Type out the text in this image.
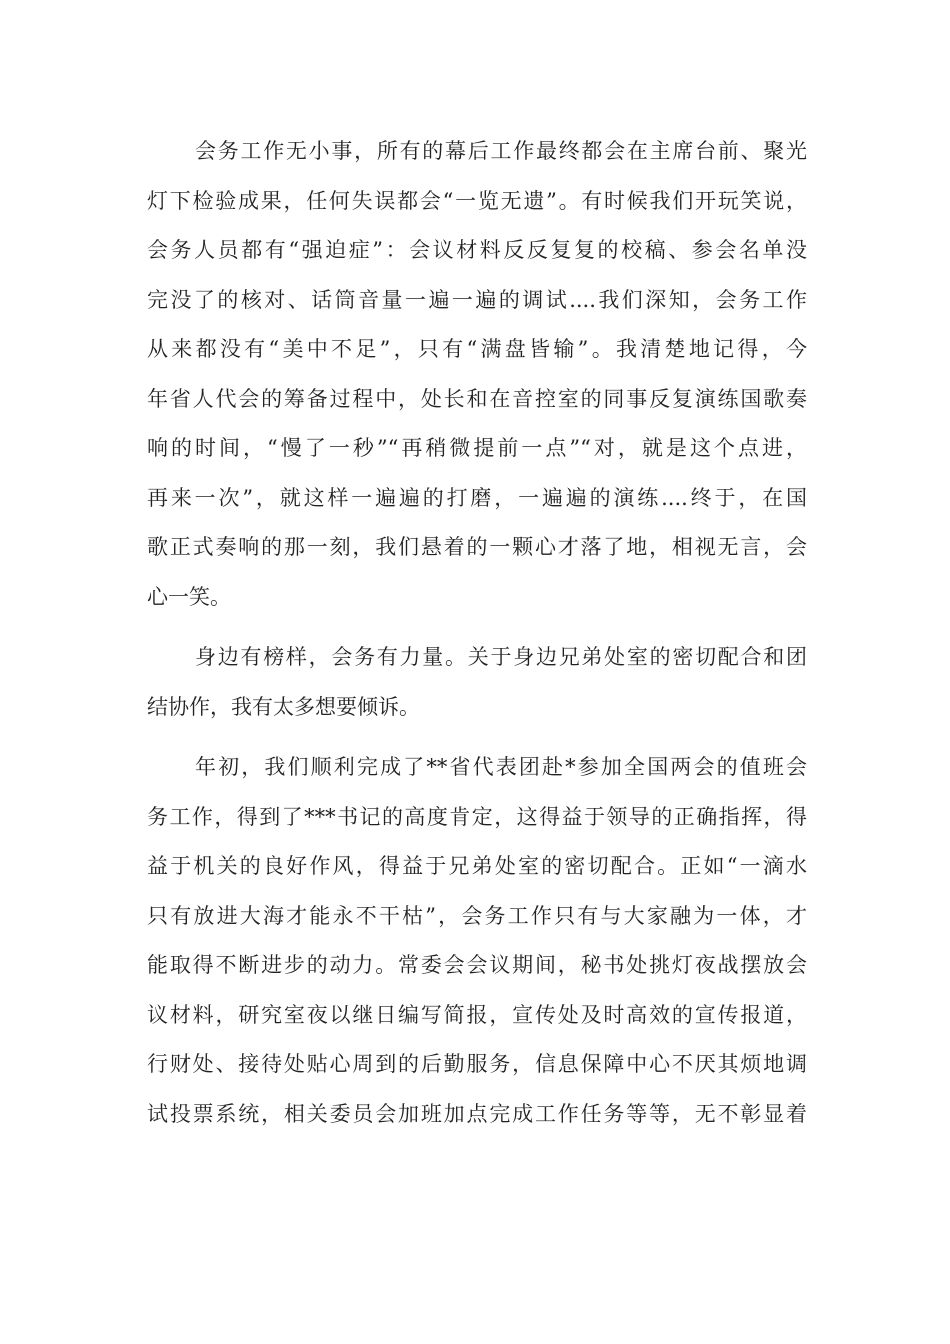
会务工作无小事，所有的幕后工作最终都会在主席台前、聚光
灯下检验成果，任何失误都会“一览无遗”。有时候我们开玩笑说，
会务人员都有“强迫症”：会议材料反反复复的校稿、参会名单没
完没了的核对、话筒音量一遍一遍的调试....我们深知，会务工作
从来都没有“美中不足”，只有“满盘皆输”。我清楚地记得，今
年省人代会的筹备过程中，处长和在音控室的同事反复演练国歌奏
响的时间，“慢了一秒”“再稍微提前一点”“对，就是这个点进，
再来一次”，就这样一遍遍的打磨，一遍遍的演练....终于，在国
歌正式奏响的那一刻，我们悬着的一颗心才落了地，相视无言，会
心一笑。
身边有榜样，会务有力量。关于身边兄弟处室的密切配合和团
结协作，我有太多想要倾诉。
年初，我们顺利完成了**省代表团赴*参加全国两会的值班会
务工作，得到了***书记的高度肯定，这得益于领导的正确指挥，得
益于机关的良好作风，得益于兄弟处室的密切配合。正如“一滴水
只有放进大海才能永不干枯”，会务工作只有与大家融为一体，才
能取得不断进步的动力。常委会会议期间，秘书处挑灯夜战摆放会
议材料，研究室夜以继日编写简报，宣传处及时高效的宣传报道，
行财处、接待处贴心周到的后勤服务，信息保障中心不厌其烦地调
试投票系统，相关委员会加班加点完成工作任务等等，无不彰显着
